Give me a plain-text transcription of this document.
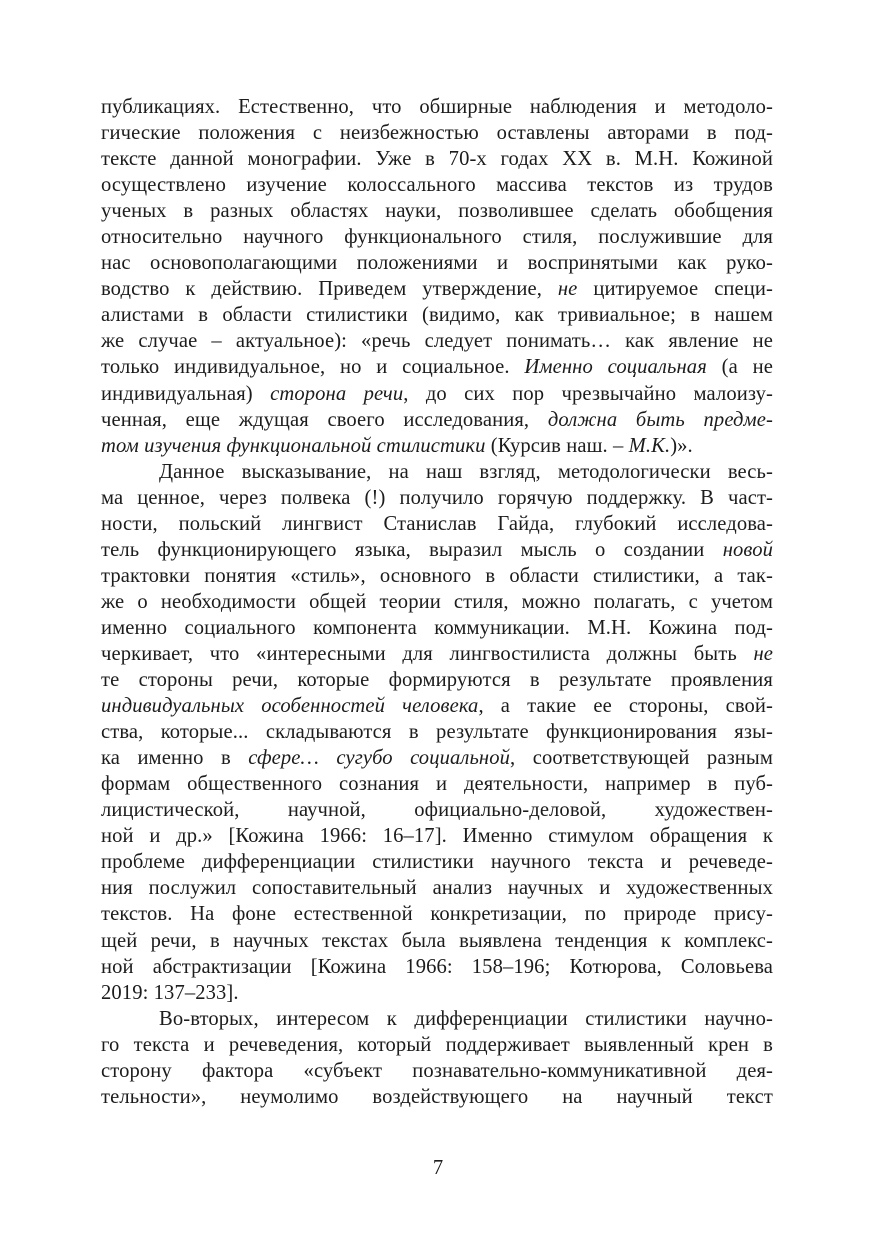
публикациях. Естественно, что обширные наблюдения и методоло-
гические положения с неизбежностью оставлены авторами в под-
тексте данной монографии. Уже в 70-х годах XX в. М.Н. Кожиной
осуществлено изучение колоссального массива текстов из трудов
ученых в разных областях науки, позволившее сделать обобщения
относительно научного функционального стиля, послужившие для
нас основополагающими положениями и воспринятыми как руко-
водство к действию. Приведем утверждение, не цитируемое специ-
алистами в области стилистики (видимо, как тривиальное; в нашем
же случае – актуальное): «речь следует понимать… как явление не
только индивидуальное, но и социальное. Именно социальная (а не
индивидуальная) сторона речи, до сих пор чрезвычайно малоизу-
ченная, еще ждущая своего исследования, должна быть предме-
том изучения функциональной стилистики (Курсив наш. – М.К.)».
Данное высказывание, на наш взгляд, методологически весь-
ма ценное, через полвека (!) получило горячую поддержку. В част-
ности, польский лингвист Станислав Гайда, глубокий исследова-
тель функционирующего языка, выразил мысль о создании новой
трактовки понятия «стиль», основного в области стилистики, а так-
же о необходимости общей теории стиля, можно полагать, с учетом
именно социального компонента коммуникации. М.Н. Кожина под-
черкивает, что «интересными для лингвостилиста должны быть не
те стороны речи, которые формируются в результате проявления
индивидуальных особенностей человека, а такие ее стороны, свой-
ства, которые... складываются в результате функционирования язы-
ка именно в сфере… сугубо социальной, соответствующей разным
формам общественного сознания и деятельности, например в пуб-
лицистической, научной, официально-деловой, художествен-
ной и др.» [Кожина 1966: 16–17]. Именно стимулом обращения к
проблеме дифференциации стилистики научного текста и речеведе-
ния послужил сопоставительный анализ научных и художественных
текстов. На фоне естественной конкретизации, по природе прису-
щей речи, в научных текстах была выявлена тенденция к комплекс-
ной абстрактизации [Кожина 1966: 158–196; Котюрова, Соловьева
2019: 137–233].
Во-вторых, интересом к дифференциации стилистики научно-
го текста и речеведения, который поддерживает выявленный крен в
сторону фактора «субъект познавательно-коммуникативной дея-
тельности», неумолимо воздействующего на научный текст
7
